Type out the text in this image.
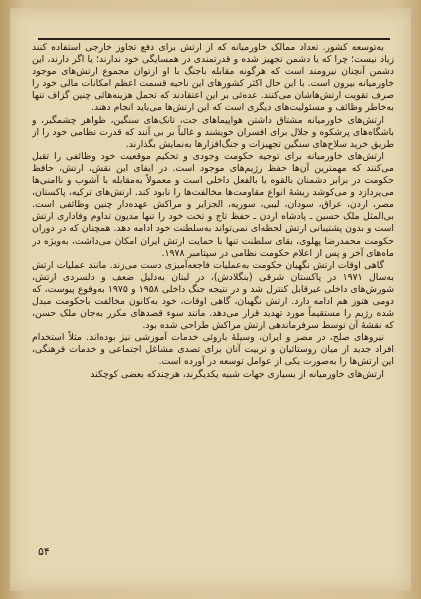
به‌توسعه کشور. تعداد ممالک خاورمیانه که از ارتش برای دفع تجاوز خارجی استفاده کنند زیاد نیست؛ چرا که یا دشمن تجهیز شده و قدرتمندی در همسایگی خود ندارند؛ یا اگر دارند، این دشمن آنچنان نیرومند است که هرگونه مقابله باجنگ با او ازتوان مجموع ارتش‌های موجود خاورمیانه بیرون است. با این حال اکثر کشورهای این ناحیه قسمت اعظم امکانات مالی خود را صرف تقویت ارتش‌هاشان می‌کنند. عده‌ئی بر این اعتقادند که تحمل هزینه‌هائی چنین گزاف تنها به‌خاطر وظائف و مسئولیت‌های دیگری است که این ارتش‌ها می‌باید انجام دهند.

ارتش‌های خاورمیانه مشتاق داشتن هواپیماهای جت، تانک‌های سنگین، ظواهر چشمگیر، و باشگاه‌های پرشکوه و جلال برای افسران خویشند و غالباً بر بی آنند که قدرت نظامی خود را از طریق خرید سلاح‌های سنگین تجهیزات و جنگ‌افزارها به‌نمایش بگذارند.

ارتش‌های خاورمیانه برای توجیه حکومت وجودی و تحکیم موقعیت خود وظائفی را تقبل می‌کنند که مهمترین آن‌ها حفظ رژیم‌های موجود است. در ایفای این نقش، ارتش، حافظ حکومت در برابر دشمنان بالقوه یا بالفعل داخلی است و معمولاً به‌مقابله با آشوب و ناامنی‌ها می‌پردازد و می‌کوشد ریشهٔ انواع مقاومت‌ها مخالفت‌ها را نابود کند. ارتش‌های ترکیه، پاکستان، مصر، اردن، عراق، سودان، لیبی، سوریه، الجزایر و مراکش عهده‌دار چنین وظائفی است. بی‌المثل ملک حسین ـ پادشاه اردن ـ حفظ تاج و تخت خود را تنها مدیون تداوم وفاداری ارتش است و بدون پشتیبانی ارتش لحظه‌ای نمی‌تواند به‌سلطنت خود ادامه دهد. همچنان که در دوران حکومت محمدرضا پهلوی، بقای سلطنت تنها با حمایت ارتش ایران امکان می‌داشت، به‌ویژه در ماه‌های آخر و پس از اعلام حکومت نظامی در سپتامبر ۱۹۷۸.

گاهی اوقات ارتش نگهبان حکومت به‌عملیات فاجعه‌آمیزی دست می‌زند. مانند عملیات ارتش به‌سال ۱۹۷۱ در پاکستان شرقی (بنگلادش)، در لبنان به‌دلیل ضعف و دلسردی ارتش، شورش‌های داخلی غیرقابل کنترل شد و در نتیجه جنگ داخلی ۱۹۵۸ و ۱۹۷۵ به‌وقوع پیوست، که دومی هنوز هم ادامه دارد. ارتش نگهبان، گاهی اوقات، خود به‌کانون مخالفت با‌حکومت مبدل شده رژیم را مستقیماً مورد تهدید قرار می‌دهد. مانند سوء قصدهای مکرر به‌جان ملک حسن، که نقشهٔ آن توسط سرفرماندهی ارتش مراکش طراحی شده بود.

نیروهای صلح، در مصر و ایران، وسیلهٔ باروئی خدمات آموزشی نیز بوده‌اند. مثلاً استخدام افراد جدید از میان روستائیان و تربیت آنان برای تصدی مشاغل اجتماعی و خدمات فرهنگی، این ارتش‌ها را به‌صورت یکی از عوامل توسعه در آورده است.

ارتش‌های خاورمیانه از بسیاری جهات شبیه یکدیگرند، هرچندکه بعضی کوچکند

۵۴
